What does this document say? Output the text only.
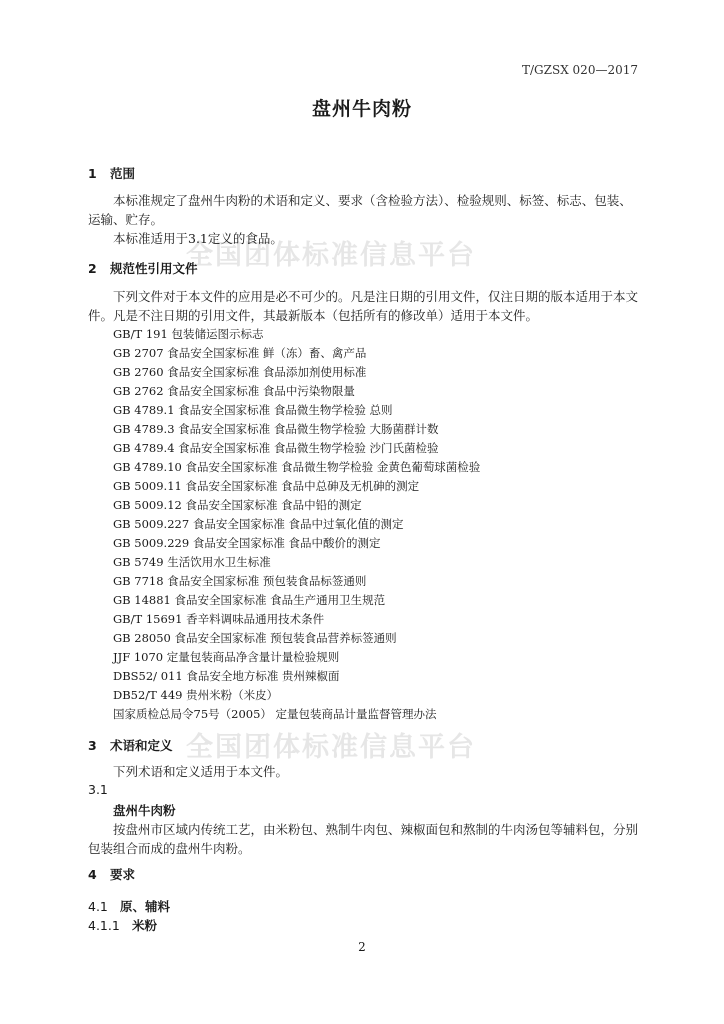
全国团体标准信息平台
全国团体标准信息平台
T/GZSX 020—2017
盘州牛肉粉
1 范围
本标准规定了盘州牛肉粉的术语和定义、要求（含检验方法）、检验规则、标签、标志、包装、运输、贮存。
本标准适用于3.1定义的食品。
2 规范性引用文件
下列文件对于本文件的应用是必不可少的。凡是注日期的引用文件，仅注日期的版本适用于本文件。凡是不注日期的引用文件，其最新版本（包括所有的修改单）适用于本文件。
GB/T 191 包装储运图示标志
GB 2707 食品安全国家标准 鲜（冻）畜、禽产品
GB 2760 食品安全国家标准 食品添加剂使用标准
GB 2762 食品安全国家标准 食品中污染物限量
GB 4789.1 食品安全国家标准 食品微生物学检验 总则
GB 4789.3 食品安全国家标准 食品微生物学检验 大肠菌群计数
GB 4789.4 食品安全国家标准 食品微生物学检验 沙门氏菌检验
GB 4789.10 食品安全国家标准 食品微生物学检验 金黄色葡萄球菌检验
GB 5009.11 食品安全国家标准 食品中总砷及无机砷的测定
GB 5009.12 食品安全国家标准 食品中铅的测定
GB 5009.227 食品安全国家标准 食品中过氧化值的测定
GB 5009.229 食品安全国家标准 食品中酸价的测定
GB 5749 生活饮用水卫生标准
GB 7718 食品安全国家标准 预包装食品标签通则
GB 14881 食品安全国家标准 食品生产通用卫生规范
GB/T 15691 香辛料调味品通用技术条件
GB 28050 食品安全国家标准 预包装食品营养标签通则
JJF 1070 定量包装商品净含量计量检验规则
DBS52/ 011 食品安全地方标准 贵州辣椒面
DB52/T 449 贵州米粉（米皮）
国家质检总局令75号（2005） 定量包装商品计量监督管理办法
3 术语和定义
下列术语和定义适用于本文件。
3.1
盘州牛肉粉
按盘州市区域内传统工艺，由米粉包、熟制牛肉包、辣椒面包和熬制的牛肉汤包等辅料包，分别包装组合而成的盘州牛肉粉。
4 要求
4.1 原、辅料
4.1.1 米粉
2
